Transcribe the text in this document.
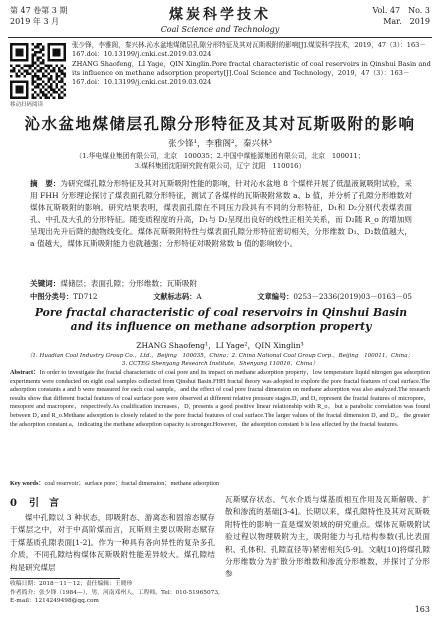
第 47 卷第 3 期
2019 年 3 月	煤炭科学技术
Coal Science and Technology
Vol. 47　No. 3
Mar.　2019
移动扫码阅读
张少锋，李雅阁，秦兴林.沁水盆地煤储层孔隙分形特征及其对瓦斯吸附的影响[J].煤炭科学技术，2019，47（3）：163－167.doi：10.13199/j.cnki.cst.2019.03.024
ZHANG Shaofeng，LI Yage，QIN Xinglin.Pore fractal characteristic of coal reservoirs in Qinshui Basin and its influence on methane adsorption property[J].Coal Science and Technology，2019，47（3）：163－167.doi：10.13199/j.cnki.cst.2019.03.024
沁水盆地煤储层孔隙分形特征及其对瓦斯吸附的影响
张少锋¹，李雅阁²，秦兴林³
（1.华电煤业集团有限公司，北京　100035；2.中国中煤能源集团有限公司，北京　100011；
3.煤科集团沈阳研究院有限公司，辽宁 沈阳　110016）
摘　要：为研究煤孔隙分形特征及其对瓦斯吸附性能的影响，针对沁水盆地 8 个煤样开展了低温液氮吸附试验，采用 FHH 分形理论探讨了煤表面孔隙分形特征，测试了各煤样的瓦斯吸附常数 a、b 值，并分析了孔隙分形维数对煤体瓦斯吸附的影响。研究结果表明，煤表面孔隙在不同压力段具有不同的分形特征，D₁和 D₂分别代表煤表面孔、中孔及大孔的分形特征。随变质程度的升高，D₁与 D₂呈现出良好的线性正相关关系，而 D₂随 R_o 的增加则呈现出先升后降的抛物线变化。煤体瓦斯吸附特性与煤表面孔隙分形特征密切相关，分形维数 D₁、D₂数值越大，a 值越大，煤体瓦斯吸附能力也就越强；分形特征对吸附常数 b 值的影响较小。
关键词：煤储层；表面孔隙；分形维数；瓦斯吸附
中图分类号：TD712	文献标志码：A	文章编号：0253－2336(2019)03－0163－05
Pore fractal characteristic of coal reservoirs in Qinshui Basin and its influence on methane adsorption property
ZHANG Shaofeng¹，LI Yage²，QIN Xinglin³
（1. Huadian Coal Industry Group Co.，Ltd.，Beijing　100035，China；2. China National Coal Group Corp.，Beijing　100011，China；
3. CCTEG Shenyang Research Institute，Shenyang 110016，China）
Abstract：In order to investigate the fractal characteristic of coal pore and its impact on methane adsorption property，low temperature liquid nitrogen gas adsorption experiments were conducted on eight coal samples collected from Qinshui Basin.FHH fractal theory was adopted to explore the pore fractal features of coal surface.The adsorption constants a and b were measured for each coal sample，and the effect of coal pore fractal dimension on methane adsorption was also analyzed.The research results show that different fractal features of coal surface pore were observed at different relative pressure stages.D₁ and D₂ represent the fractal features of micropore，mesopore and macropore，respectively.As coalification increases，D₁ presents a good positive linear relationship with R_o，but a parabolic correlation was found between D₂ and R_o.Methane adsorption is closely related to the pore fractal features of coal surface.The larger values of the fractal dimension D₁ and D₂，the greater the adsorption constant a，indicating the methane adsorption capacity is stronger.However，the adsorption constant b is less affected by the fractal features.
Key words：coal reservoir；surface pore；fractal dimension；methane adsorption
0 引　言
煤中孔隙以 3 种状态，即吸附态、游离态和固溶态赋存于煤层之中，对于中高阶煤而言，瓦斯则主要以吸附态赋存于煤基质孔隙表面[1-2]。作为一种具有各向异性的复杂多孔介质，不同孔隙结构煤体瓦斯吸附性能差异较大。煤孔隙结构是研究煤层
瓦斯赋存状态、气水介质与煤基质相互作用及瓦斯解吸、扩散和渗流的基础[3-4]。长期以来，煤孔隙特性及其对瓦斯吸附特性的影响一直是煤炭领域的研究重点。煤体瓦斯吸附试验过程以物理吸附为主，吸附能力与孔结构参数(孔比表面积、孔体积、孔隙直径等)紧密相关[5-9]。文献[10]将煤孔隙分形维数分为扩散分形维数和渗流分形维数，并探讨了分形参
收稿日期：2018－11－12；责任编辑：王晓珍
作者简介：张少锋（1984—），男，河南邓州人，工程师。Tel：010-51965073，E-mail：1214249498@qq.com
163
